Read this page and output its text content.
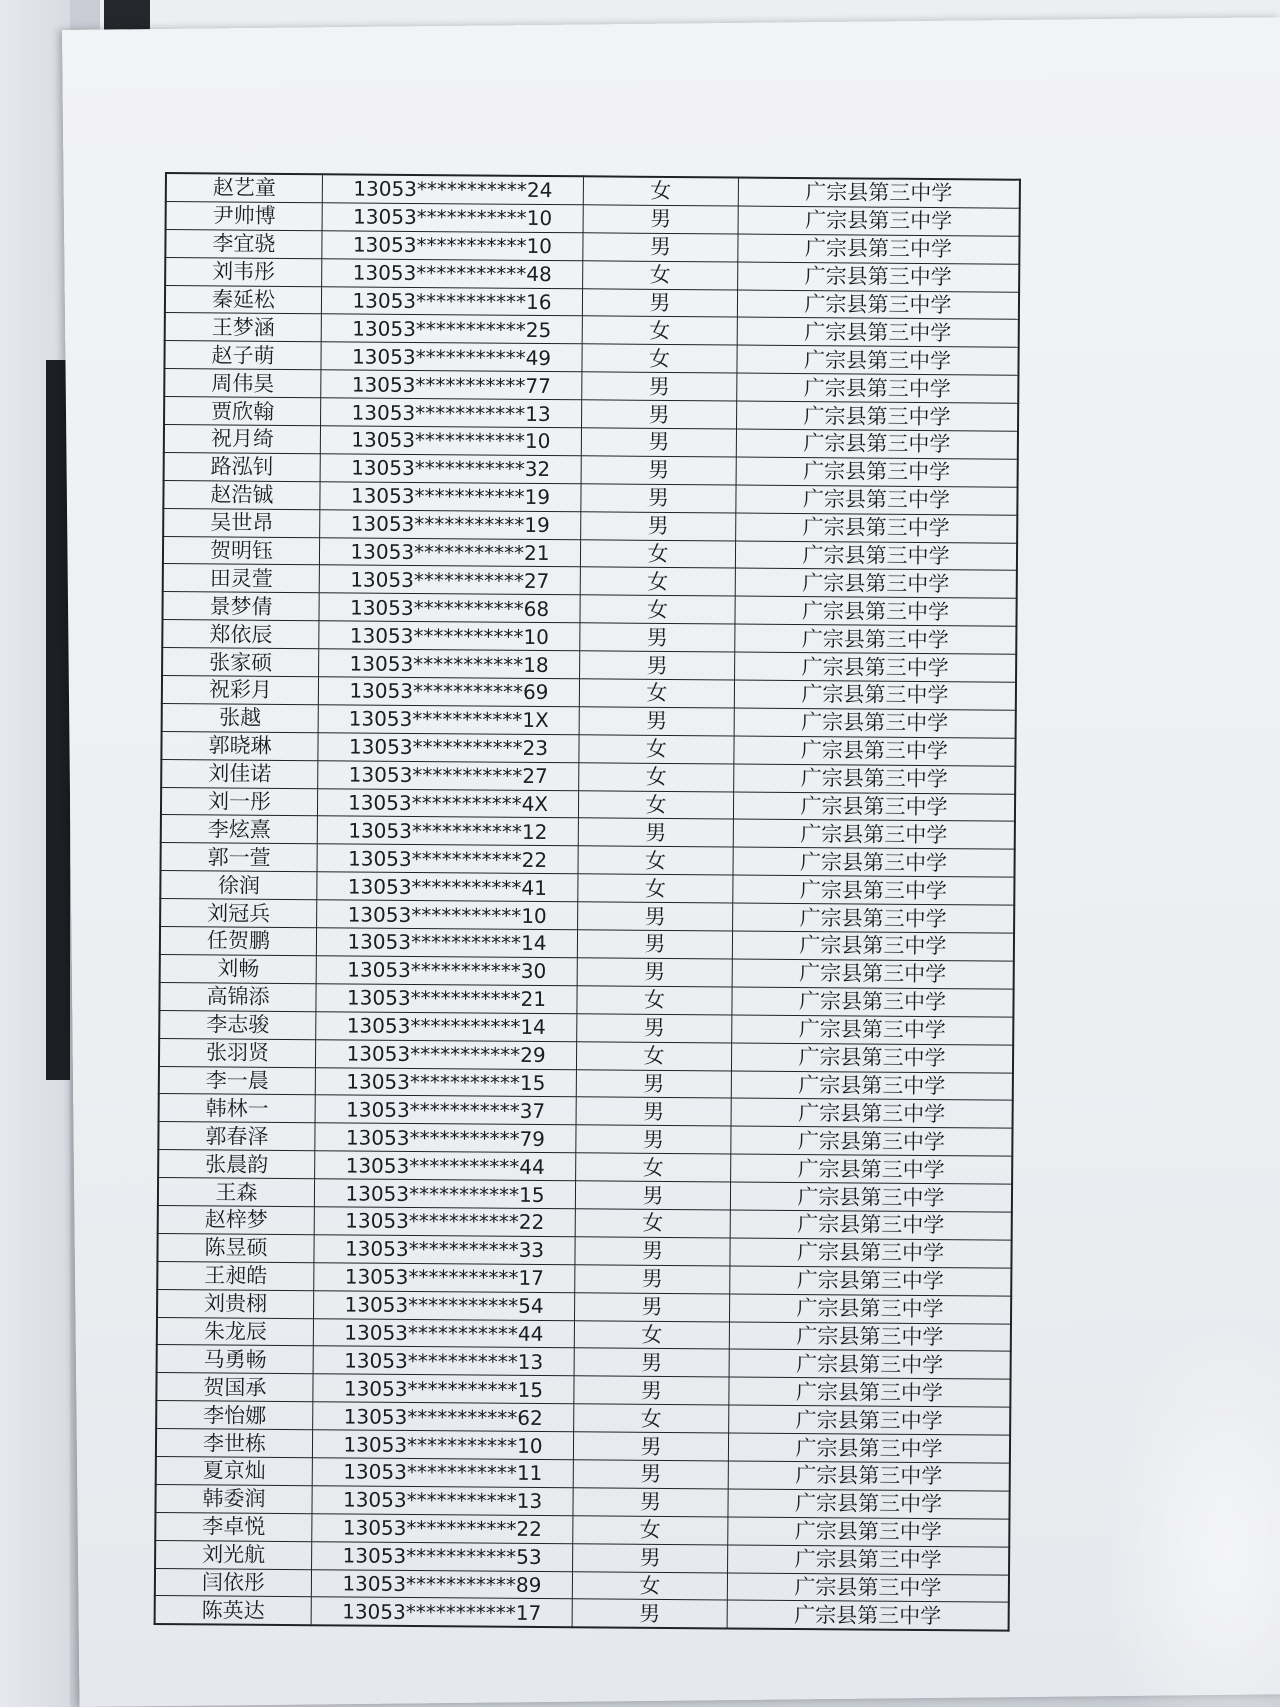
赵艺童	13053***********24	女	广宗县第三中学
尹帅博	13053***********10	男	广宗县第三中学
李宜骁	13053***********10	男	广宗县第三中学
刘韦彤	13053***********48	女	广宗县第三中学
秦延松	13053***********16	男	广宗县第三中学
王梦涵	13053***********25	女	广宗县第三中学
赵子萌	13053***********49	女	广宗县第三中学
周伟昊	13053***********77	男	广宗县第三中学
贾欣翰	13053***********13	男	广宗县第三中学
祝月绮	13053***********10	男	广宗县第三中学
路泓钊	13053***********32	男	广宗县第三中学
赵浩铖	13053***********19	男	广宗县第三中学
吴世昂	13053***********19	男	广宗县第三中学
贺明钰	13053***********21	女	广宗县第三中学
田灵萱	13053***********27	女	广宗县第三中学
景梦倩	13053***********68	女	广宗县第三中学
郑依辰	13053***********10	男	广宗县第三中学
张家硕	13053***********18	男	广宗县第三中学
祝彩月	13053***********69	女	广宗县第三中学
张越	13053***********1X	男	广宗县第三中学
郭晓琳	13053***********23	女	广宗县第三中学
刘佳诺	13053***********27	女	广宗县第三中学
刘一彤	13053***********4X	女	广宗县第三中学
李炫熹	13053***********12	男	广宗县第三中学
郭一萱	13053***********22	女	广宗县第三中学
徐润	13053***********41	女	广宗县第三中学
刘冠兵	13053***********10	男	广宗县第三中学
任贺鹏	13053***********14	男	广宗县第三中学
刘畅	13053***********30	男	广宗县第三中学
高锦添	13053***********21	女	广宗县第三中学
李志骏	13053***********14	男	广宗县第三中学
张羽贤	13053***********29	女	广宗县第三中学
李一晨	13053***********15	男	广宗县第三中学
韩林一	13053***********37	男	广宗县第三中学
郭春泽	13053***********79	男	广宗县第三中学
张晨韵	13053***********44	女	广宗县第三中学
王森	13053***********15	男	广宗县第三中学
赵梓梦	13053***********22	女	广宗县第三中学
陈昱硕	13053***********33	男	广宗县第三中学
王昶皓	13053***********17	男	广宗县第三中学
刘贵栩	13053***********54	男	广宗县第三中学
朱龙辰	13053***********44	女	广宗县第三中学
马勇畅	13053***********13	男	广宗县第三中学
贺国承	13053***********15	男	广宗县第三中学
李怡娜	13053***********62	女	广宗县第三中学
李世栋	13053***********10	男	广宗县第三中学
夏京灿	13053***********11	男	广宗县第三中学
韩委润	13053***********13	男	广宗县第三中学
李卓悦	13053***********22	女	广宗县第三中学
刘光航	13053***********53	男	广宗县第三中学
闫依彤	13053***********89	女	广宗县第三中学
陈英达	13053***********17	男	广宗县第三中学
